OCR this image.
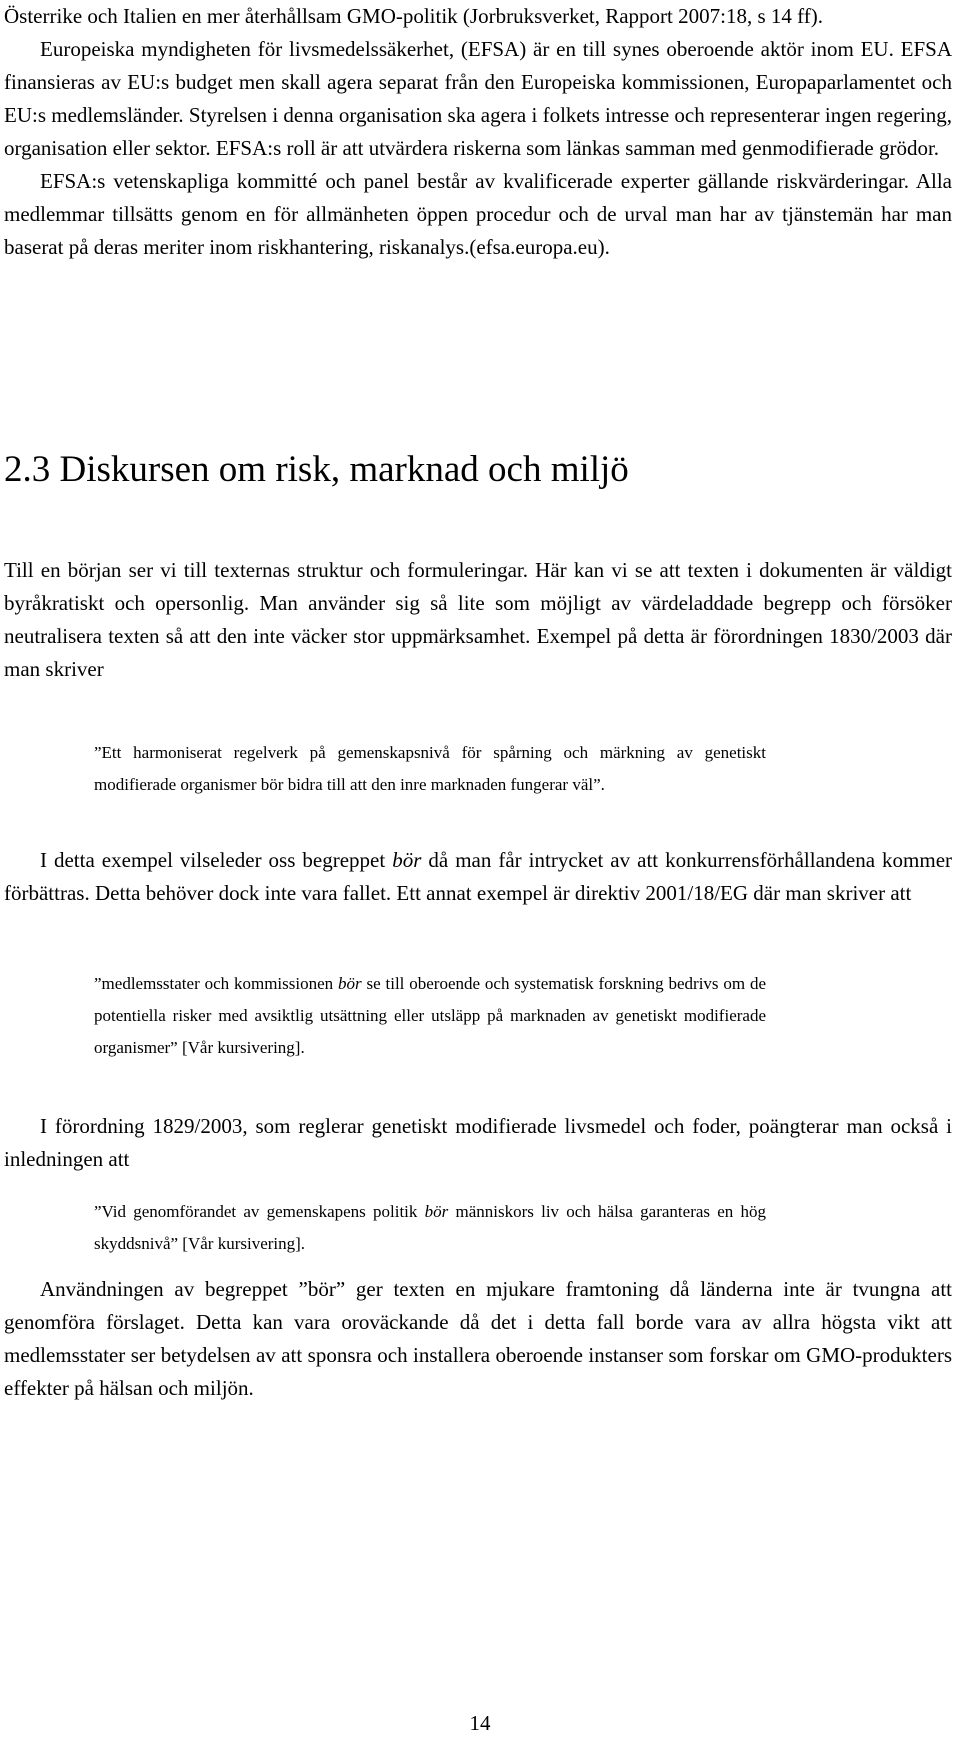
Österrike och Italien en mer återhållsam GMO-politik (Jorbruksverket, Rapport 2007:18, s 14 ff).
Europeiska myndigheten för livsmedelssäkerhet, (EFSA) är en till synes oberoende aktör inom EU. EFSA finansieras av EU:s budget men skall agera separat från den Europeiska kommissionen, Europaparlamentet och EU:s medlemsländer. Styrelsen i denna organisation ska agera i folkets intresse och representerar ingen regering, organisation eller sektor. EFSA:s roll är att utvärdera riskerna som länkas samman med genmodifierade grödor.
EFSA:s vetenskapliga kommitté och panel består av kvalificerade experter gällande riskvärderingar. Alla medlemmar tillsätts genom en för allmänheten öppen procedur och de urval man har av tjänstemän har man baserat på deras meriter inom riskhantering, riskanalys.(efsa.europa.eu).

2.3 Diskursen om risk, marknad och miljö

Till en början ser vi till texternas struktur och formuleringar. Här kan vi se att texten i dokumenten är väldigt byråkratiskt och opersonlig. Man använder sig så lite som möjligt av värdeladdade begrepp och försöker neutralisera texten så att den inte väcker stor uppmärksamhet. Exempel på detta är förordningen 1830/2003 där man skriver

”Ett harmoniserat regelverk på gemenskapsnivå för spårning och märkning av genetiskt modifierade organismer bör bidra till att den inre marknaden fungerar väl”.

I detta exempel vilseleder oss begreppet bör då man får intrycket av att konkurrensförhållandena kommer förbättras. Detta behöver dock inte vara fallet. Ett annat exempel är direktiv 2001/18/EG där man skriver att

”medlemsstater och kommissionen bör se till oberoende och systematisk forskning bedrivs om de potentiella risker med avsiktlig utsättning eller utsläpp på marknaden av genetiskt modifierade organismer” [Vår kursivering].

I förordning 1829/2003, som reglerar genetiskt modifierade livsmedel och foder, poängterar man också i inledningen att

”Vid genomförandet av gemenskapens politik bör människors liv och hälsa garanteras en hög skyddsnivå” [Vår kursivering].

Användningen av begreppet ”bör” ger texten en mjukare framtoning då länderna inte är tvungna att genomföra förslaget. Detta kan vara oroväckande då det i detta fall borde vara av allra högsta vikt att medlemsstater ser betydelsen av att sponsra och installera oberoende instanser som forskar om GMO-produkters effekter på hälsan och miljön.

14
